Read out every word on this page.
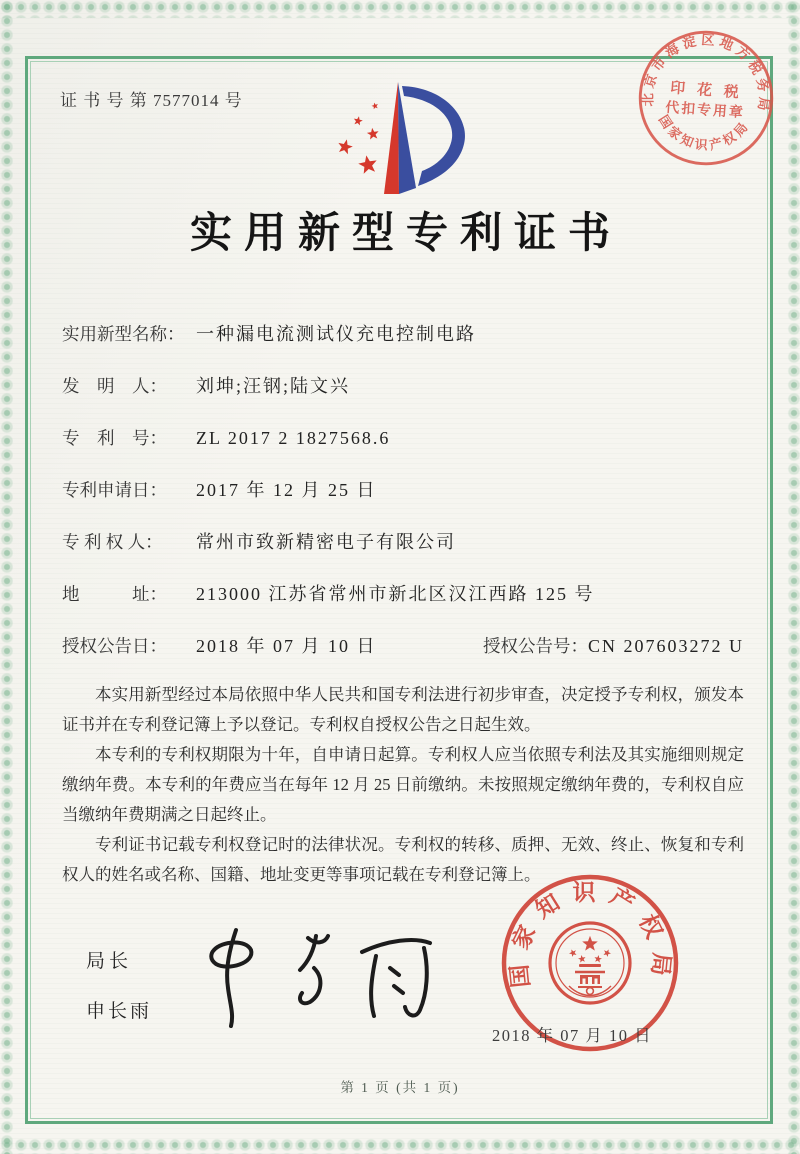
证 书 号 第 7577014 号	北京市海淀区地方税务局
国家知识产权局
印 花 税
代扣专用章
实用新型专利证书
实用新型名称： 一种漏电流测试仪充电控制电路
发　明　人：	刘坤;汪钢;陆文兴
专　利　号：	ZL 2017 2 1827568.6
专利申请日：	2017 年 12 月 25 日
专 利 权 人：	常州市致新精密电子有限公司
地　　　址：	213000 江苏省常州市新北区汉江西路 125 号
授权公告日：	2018 年 07 月 10 日	授权公告号： CN 207603272 U

本实用新型经过本局依照中华人民共和国专利法进行初步审查，决定授予专利权，颁发本证书并在专利登记簿上予以登记。专利权自授权公告之日起生效。

本专利的专利权期限为十年，自申请日起算。专利权人应当依照专利法及其实施细则规定缴纳年费。本专利的年费应当在每年 12 月 25 日前缴纳。未按照规定缴纳年费的，专利权自应当缴纳年费期满之日起终止。

专利证书记载专利权登记时的法律状况。专利权的转移、质押、无效、终止、恢复和专利权人的姓名或名称、国籍、地址变更等事项记载在专利登记簿上。

局长
申长雨
国家知识产权局
2018 年 07 月 10 日
第 1 页 (共 1 页)
